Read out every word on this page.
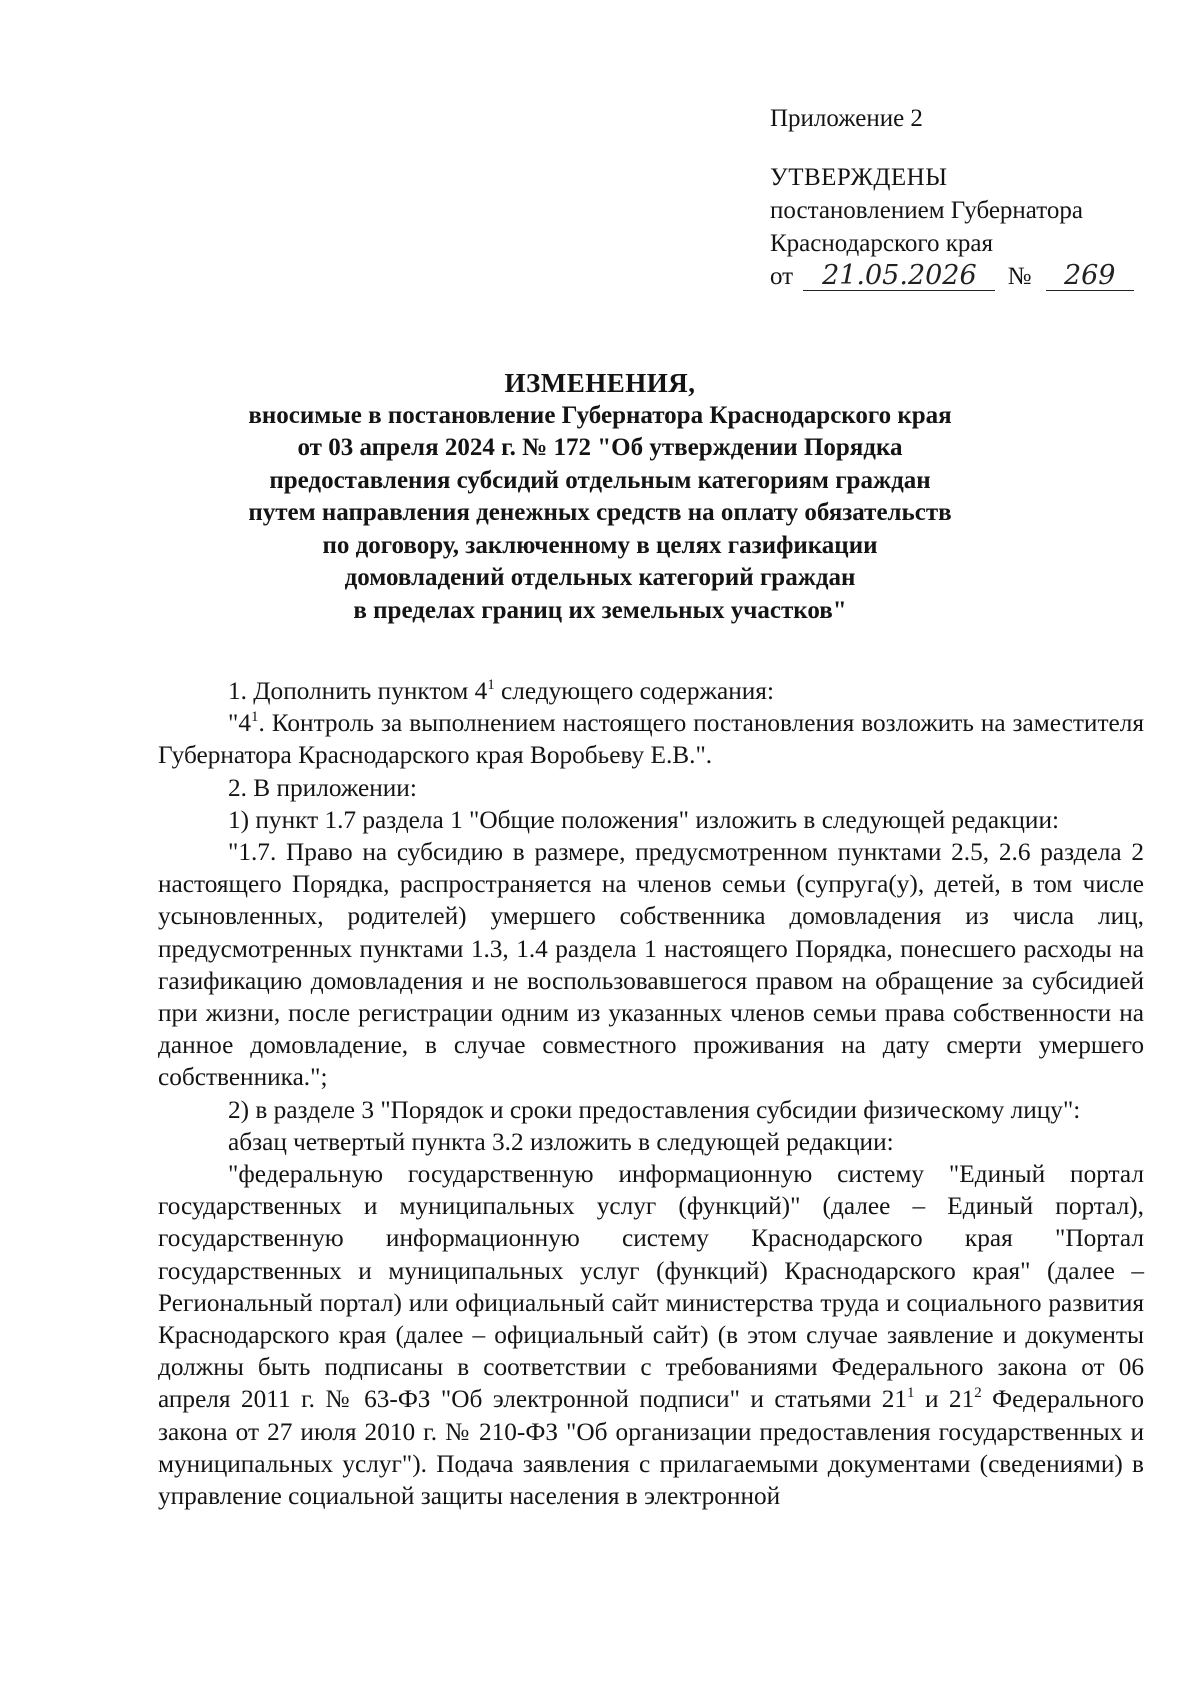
Приложение 2
УТВЕРЖДЕНЫ
постановлением Губернатора
Краснодарского края
от 21.05.2026 № 269
ИЗМЕНЕНИЯ,
вносимые в постановление Губернатора Краснодарского края
от 03 апреля 2024 г. № 172 "Об утверждении Порядка
предоставления субсидий отдельным категориям граждан
путем направления денежных средств на оплату обязательств
по договору, заключенному в целях газификации
домовладений отдельных категорий граждан
в пределах границ их земельных участков"

1. Дополнить пунктом $4^1$ следующего содержания:

"$4^1$. Контроль за выполнением настоящего постановления возложить на заместителя Губернатора Краснодарского края Воробьеву Е.В.".

2. В приложении:

1) пункт 1.7 раздела 1 "Общие положения" изложить в следующей редакции:

"1.7. Право на субсидию в размере, предусмотренном пунктами 2.5, 2.6 раздела 2 настоящего Порядка, распространяется на членов семьи (супруга(у), детей, в том числе усыновленных, родителей) умершего собственника домовладения из числа лиц, предусмотренных пунктами 1.3, 1.4 раздела 1 настоящего Порядка, понесшего расходы на газификацию домовладения и не воспользовавшегося правом на обращение за субсидией при жизни, после регистрации одним из указанных членов семьи права собственности на данное домовладение, в случае совместного проживания на дату смерти умершего собственника.";

2) в разделе 3 "Порядок и сроки предоставления субсидии физическому лицу":

абзац четвертый пункта 3.2 изложить в следующей редакции:

"федеральную государственную информационную систему "Единый портал государственных и муниципальных услуг (функций)" (далее – Единый портал), государственную информационную систему Краснодарского края "Портал государственных и муниципальных услуг (функций) Краснодарского края" (далее – Региональный портал) или официальный сайт министерства труда и социального развития Краснодарского края (далее – официальный сайт) (в этом случае заявление и документы должны быть подписаны в соответствии с требованиями Федерального закона от 06 апреля 2011 г. № 63-ФЗ "Об электронной подписи" и статьями $21^1$ и $21^2$ Федерального закона от 27 июля 2010 г. № 210-ФЗ "Об организации предоставления государственных и муниципальных услуг"). Подача заявления с прилагаемыми документами (сведениями) в управление социальной защиты населения в электронной
